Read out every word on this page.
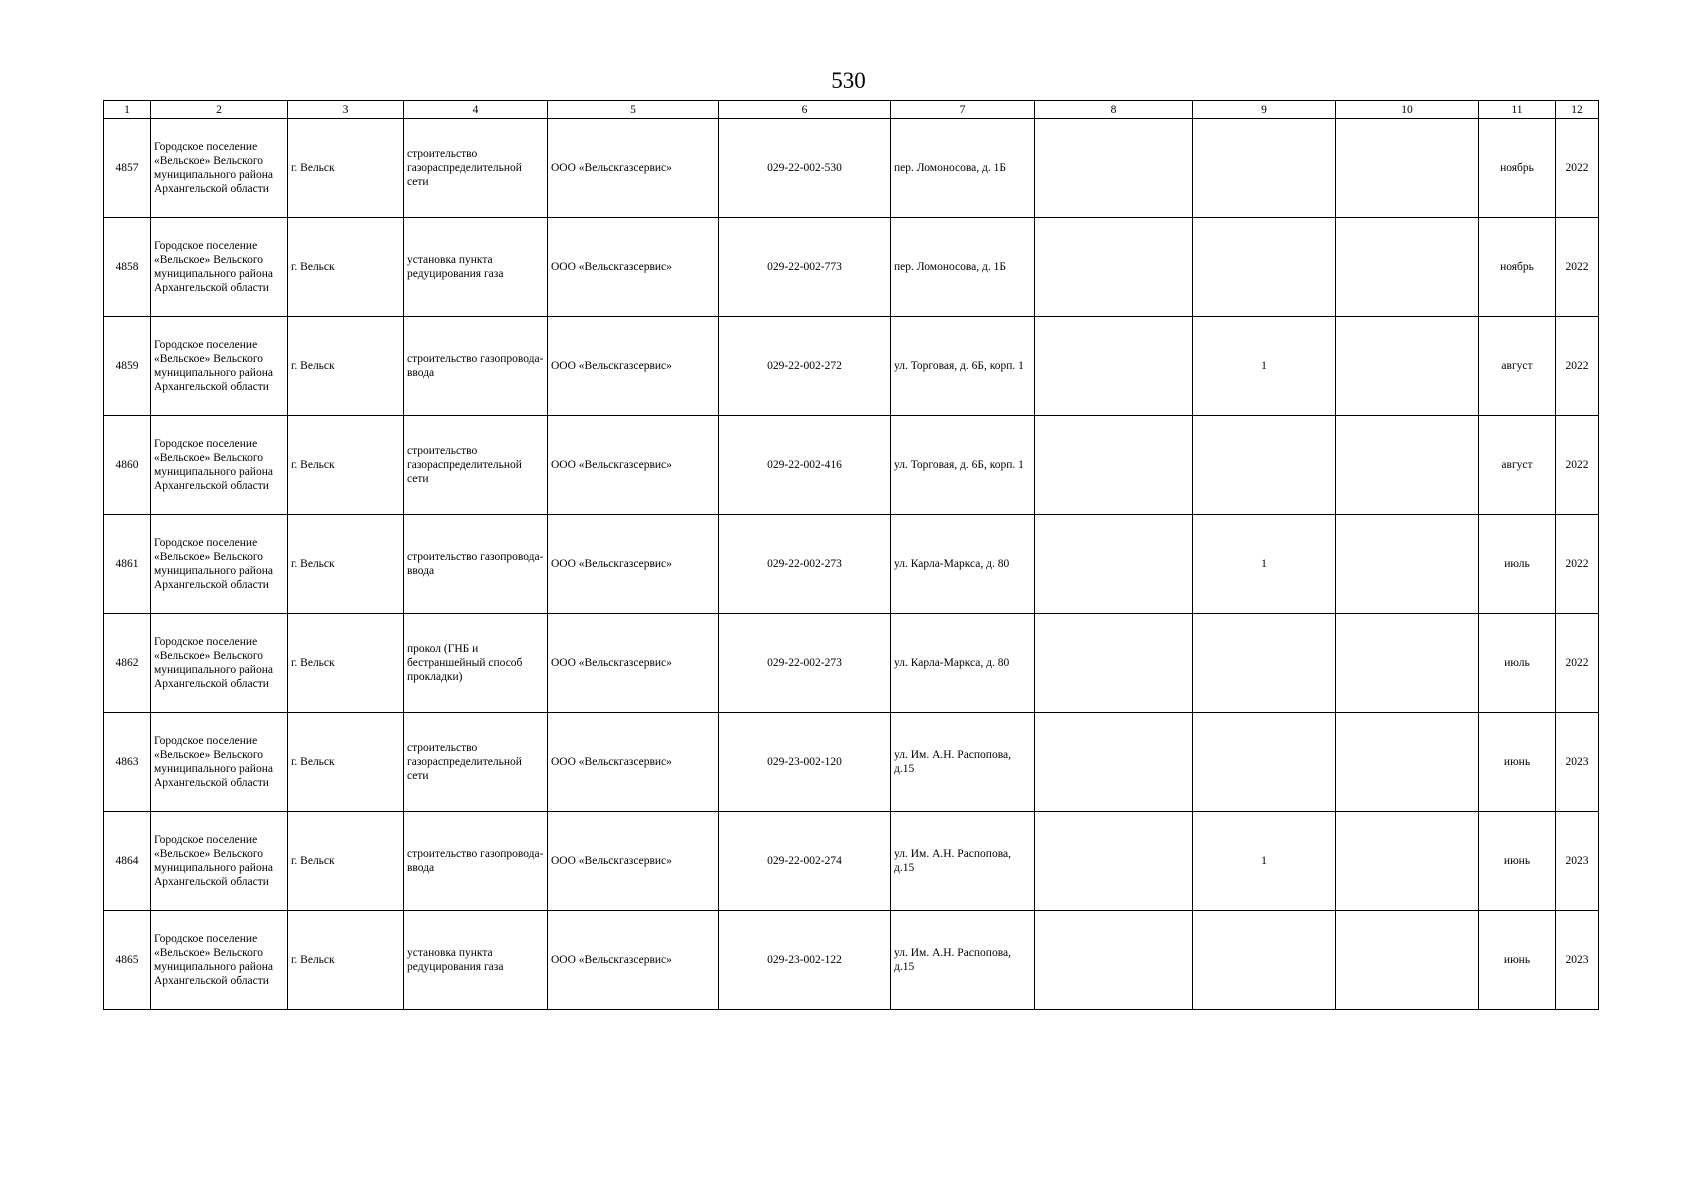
530
1	2	3	4	5	6	7	8	9	10	11	12
4857	Городское поселение «Вельское» Вельского муниципального района Архангельской области	г. Вельск	строительство газораспределительной сети	ООО «Вельскгазсервис»	029-22-002-530	пер. Ломоносова, д. 1Б				ноябрь	2022
4858	Городское поселение «Вельское» Вельского муниципального района Архангельской области	г. Вельск	установка пункта редуцирования газа	ООО «Вельскгазсервис»	029-22-002-773	пер. Ломоносова, д. 1Б				ноябрь	2022
4859	Городское поселение «Вельское» Вельского муниципального района Архангельской области	г. Вельск	строительство газопровода-ввода	ООО «Вельскгазсервис»	029-22-002-272	ул. Торговая, д. 6Б, корп. 1		1		август	2022
4860	Городское поселение «Вельское» Вельского муниципального района Архангельской области	г. Вельск	строительство газораспределительной сети	ООО «Вельскгазсервис»	029-22-002-416	ул. Торговая, д. 6Б, корп. 1				август	2022
4861	Городское поселение «Вельское» Вельского муниципального района Архангельской области	г. Вельск	строительство газопровода-ввода	ООО «Вельскгазсервис»	029-22-002-273	ул. Карла-Маркса, д. 80		1		июль	2022
4862	Городское поселение «Вельское» Вельского муниципального района Архангельской области	г. Вельск	прокол (ГНБ и бестраншейный способ прокладки)	ООО «Вельскгазсервис»	029-22-002-273	ул. Карла-Маркса, д. 80				июль	2022
4863	Городское поселение «Вельское» Вельского муниципального района Архангельской области	г. Вельск	строительство газораспределительной сети	ООО «Вельскгазсервис»	029-23-002-120	ул. Им. А.Н. Распопова, д.15				июнь	2023
4864	Городское поселение «Вельское» Вельского муниципального района Архангельской области	г. Вельск	строительство газопровода-ввода	ООО «Вельскгазсервис»	029-22-002-274	ул. Им. А.Н. Распопова, д.15		1		июнь	2023
4865	Городское поселение «Вельское» Вельского муниципального района Архангельской области	г. Вельск	установка пункта редуцирования газа	ООО «Вельскгазсервис»	029-23-002-122	ул. Им. А.Н. Распопова, д.15				июнь	2023
